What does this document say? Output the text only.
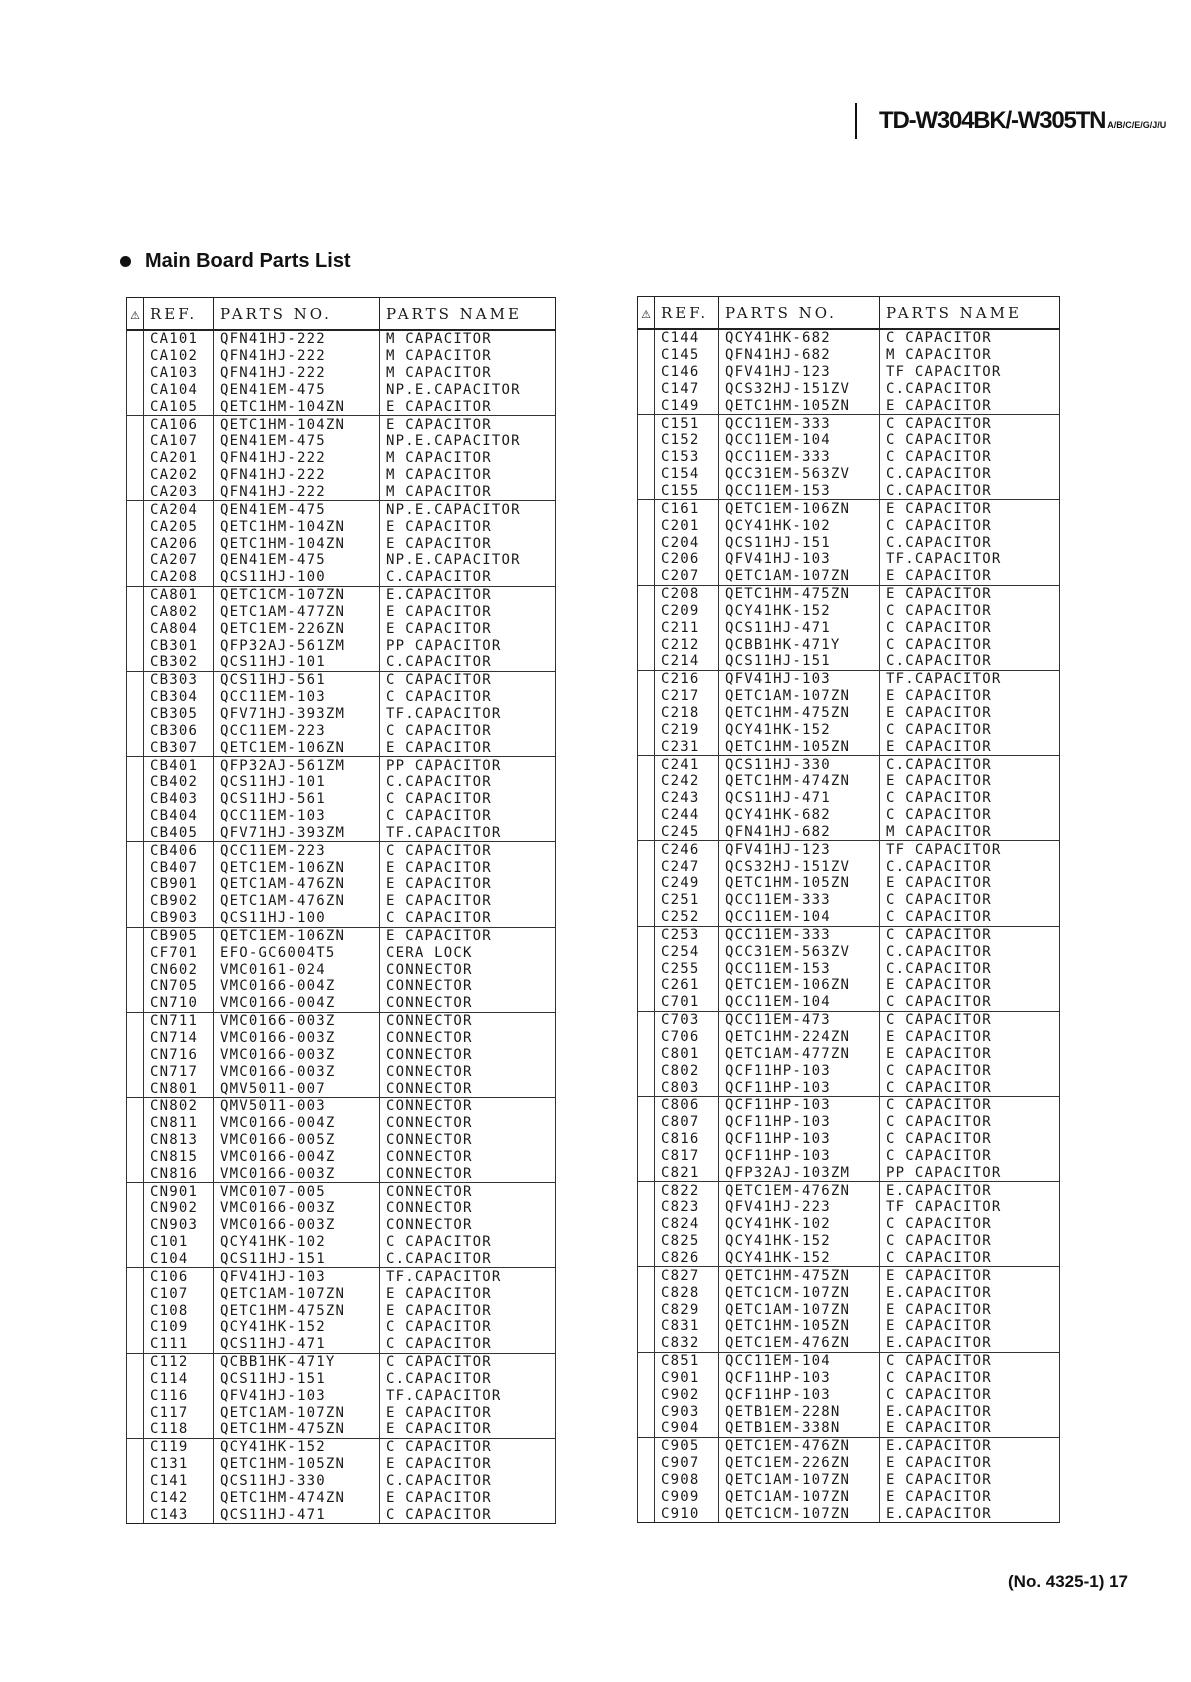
TD-W304BK/-W305TN A/B/C/E/G/J/U
Main Board Parts List
⚠	REF.	PARTS NO.	PARTS NAME
	CA101	QFN41HJ-222	M CAPACITOR
	CA102	QFN41HJ-222	M CAPACITOR
	CA103	QFN41HJ-222	M CAPACITOR
	CA104	QEN41EM-475	NP.E.CAPACITOR
	CA105	QETC1HM-104ZN	E CAPACITOR
	CA106	QETC1HM-104ZN	E CAPACITOR
	CA107	QEN41EM-475	NP.E.CAPACITOR
	CA201	QFN41HJ-222	M CAPACITOR
	CA202	QFN41HJ-222	M CAPACITOR
	CA203	QFN41HJ-222	M CAPACITOR
	CA204	QEN41EM-475	NP.E.CAPACITOR
	CA205	QETC1HM-104ZN	E CAPACITOR
	CA206	QETC1HM-104ZN	E CAPACITOR
	CA207	QEN41EM-475	NP.E.CAPACITOR
	CA208	QCS11HJ-100	C.CAPACITOR
	CA801	QETC1CM-107ZN	E.CAPACITOR
	CA802	QETC1AM-477ZN	E CAPACITOR
	CA804	QETC1EM-226ZN	E CAPACITOR
	CB301	QFP32AJ-561ZM	PP CAPACITOR
	CB302	QCS11HJ-101	C.CAPACITOR
	CB303	QCS11HJ-561	C CAPACITOR
	CB304	QCC11EM-103	C CAPACITOR
	CB305	QFV71HJ-393ZM	TF.CAPACITOR
	CB306	QCC11EM-223	C CAPACITOR
	CB307	QETC1EM-106ZN	E CAPACITOR
	CB401	QFP32AJ-561ZM	PP CAPACITOR
	CB402	QCS11HJ-101	C.CAPACITOR
	CB403	QCS11HJ-561	C CAPACITOR
	CB404	QCC11EM-103	C CAPACITOR
	CB405	QFV71HJ-393ZM	TF.CAPACITOR
	CB406	QCC11EM-223	C CAPACITOR
	CB407	QETC1EM-106ZN	E CAPACITOR
	CB901	QETC1AM-476ZN	E CAPACITOR
	CB902	QETC1AM-476ZN	E CAPACITOR
	CB903	QCS11HJ-100	C CAPACITOR
	CB905	QETC1EM-106ZN	E CAPACITOR
	CF701	EFO-GC6004T5	CERA LOCK
	CN602	VMC0161-024	CONNECTOR
	CN705	VMC0166-004Z	CONNECTOR
	CN710	VMC0166-004Z	CONNECTOR
	CN711	VMC0166-003Z	CONNECTOR
	CN714	VMC0166-003Z	CONNECTOR
	CN716	VMC0166-003Z	CONNECTOR
	CN717	VMC0166-003Z	CONNECTOR
	CN801	QMV5011-007	CONNECTOR
	CN802	QMV5011-003	CONNECTOR
	CN811	VMC0166-004Z	CONNECTOR
	CN813	VMC0166-005Z	CONNECTOR
	CN815	VMC0166-004Z	CONNECTOR
	CN816	VMC0166-003Z	CONNECTOR
	CN901	VMC0107-005	CONNECTOR
	CN902	VMC0166-003Z	CONNECTOR
	CN903	VMC0166-003Z	CONNECTOR
	C101	QCY41HK-102	C CAPACITOR
	C104	QCS11HJ-151	C.CAPACITOR
	C106	QFV41HJ-103	TF.CAPACITOR
	C107	QETC1AM-107ZN	E CAPACITOR
	C108	QETC1HM-475ZN	E CAPACITOR
	C109	QCY41HK-152	C CAPACITOR
	C111	QCS11HJ-471	C CAPACITOR
	C112	QCBB1HK-471Y	C CAPACITOR
	C114	QCS11HJ-151	C.CAPACITOR
	C116	QFV41HJ-103	TF.CAPACITOR
	C117	QETC1AM-107ZN	E CAPACITOR
	C118	QETC1HM-475ZN	E CAPACITOR
	C119	QCY41HK-152	C CAPACITOR
	C131	QETC1HM-105ZN	E CAPACITOR
	C141	QCS11HJ-330	C.CAPACITOR
	C142	QETC1HM-474ZN	E CAPACITOR
	C143	QCS11HJ-471	C CAPACITOR
⚠	REF.	PARTS NO.	PARTS NAME
	C144	QCY41HK-682	C CAPACITOR
	C145	QFN41HJ-682	M CAPACITOR
	C146	QFV41HJ-123	TF CAPACITOR
	C147	QCS32HJ-151ZV	C.CAPACITOR
	C149	QETC1HM-105ZN	E CAPACITOR
	C151	QCC11EM-333	C CAPACITOR
	C152	QCC11EM-104	C CAPACITOR
	C153	QCC11EM-333	C CAPACITOR
	C154	QCC31EM-563ZV	C.CAPACITOR
	C155	QCC11EM-153	C.CAPACITOR
	C161	QETC1EM-106ZN	E CAPACITOR
	C201	QCY41HK-102	C CAPACITOR
	C204	QCS11HJ-151	C.CAPACITOR
	C206	QFV41HJ-103	TF.CAPACITOR
	C207	QETC1AM-107ZN	E CAPACITOR
	C208	QETC1HM-475ZN	E CAPACITOR
	C209	QCY41HK-152	C CAPACITOR
	C211	QCS11HJ-471	C CAPACITOR
	C212	QCBB1HK-471Y	C CAPACITOR
	C214	QCS11HJ-151	C.CAPACITOR
	C216	QFV41HJ-103	TF.CAPACITOR
	C217	QETC1AM-107ZN	E CAPACITOR
	C218	QETC1HM-475ZN	E CAPACITOR
	C219	QCY41HK-152	C CAPACITOR
	C231	QETC1HM-105ZN	E CAPACITOR
	C241	QCS11HJ-330	C.CAPACITOR
	C242	QETC1HM-474ZN	E CAPACITOR
	C243	QCS11HJ-471	C CAPACITOR
	C244	QCY41HK-682	C CAPACITOR
	C245	QFN41HJ-682	M CAPACITOR
	C246	QFV41HJ-123	TF CAPACITOR
	C247	QCS32HJ-151ZV	C.CAPACITOR
	C249	QETC1HM-105ZN	E CAPACITOR
	C251	QCC11EM-333	C CAPACITOR
	C252	QCC11EM-104	C CAPACITOR
	C253	QCC11EM-333	C CAPACITOR
	C254	QCC31EM-563ZV	C.CAPACITOR
	C255	QCC11EM-153	C.CAPACITOR
	C261	QETC1EM-106ZN	E CAPACITOR
	C701	QCC11EM-104	C CAPACITOR
	C703	QCC11EM-473	C CAPACITOR
	C706	QETC1HM-224ZN	E CAPACITOR
	C801	QETC1AM-477ZN	E CAPACITOR
	C802	QCF11HP-103	C CAPACITOR
	C803	QCF11HP-103	C CAPACITOR
	C806	QCF11HP-103	C CAPACITOR
	C807	QCF11HP-103	C CAPACITOR
	C816	QCF11HP-103	C CAPACITOR
	C817	QCF11HP-103	C CAPACITOR
	C821	QFP32AJ-103ZM	PP CAPACITOR
	C822	QETC1EM-476ZN	E.CAPACITOR
	C823	QFV41HJ-223	TF CAPACITOR
	C824	QCY41HK-102	C CAPACITOR
	C825	QCY41HK-152	C CAPACITOR
	C826	QCY41HK-152	C CAPACITOR
	C827	QETC1HM-475ZN	E CAPACITOR
	C828	QETC1CM-107ZN	E.CAPACITOR
	C829	QETC1AM-107ZN	E CAPACITOR
	C831	QETC1HM-105ZN	E CAPACITOR
	C832	QETC1EM-476ZN	E.CAPACITOR
	C851	QCC11EM-104	C CAPACITOR
	C901	QCF11HP-103	C CAPACITOR
	C902	QCF11HP-103	C CAPACITOR
	C903	QETB1EM-228N	E.CAPACITOR
	C904	QETB1EM-338N	E CAPACITOR
	C905	QETC1EM-476ZN	E.CAPACITOR
	C907	QETC1EM-226ZN	E CAPACITOR
	C908	QETC1AM-107ZN	E CAPACITOR
	C909	QETC1AM-107ZN	E CAPACITOR
	C910	QETC1CM-107ZN	E.CAPACITOR
(No. 4325-1) 17
